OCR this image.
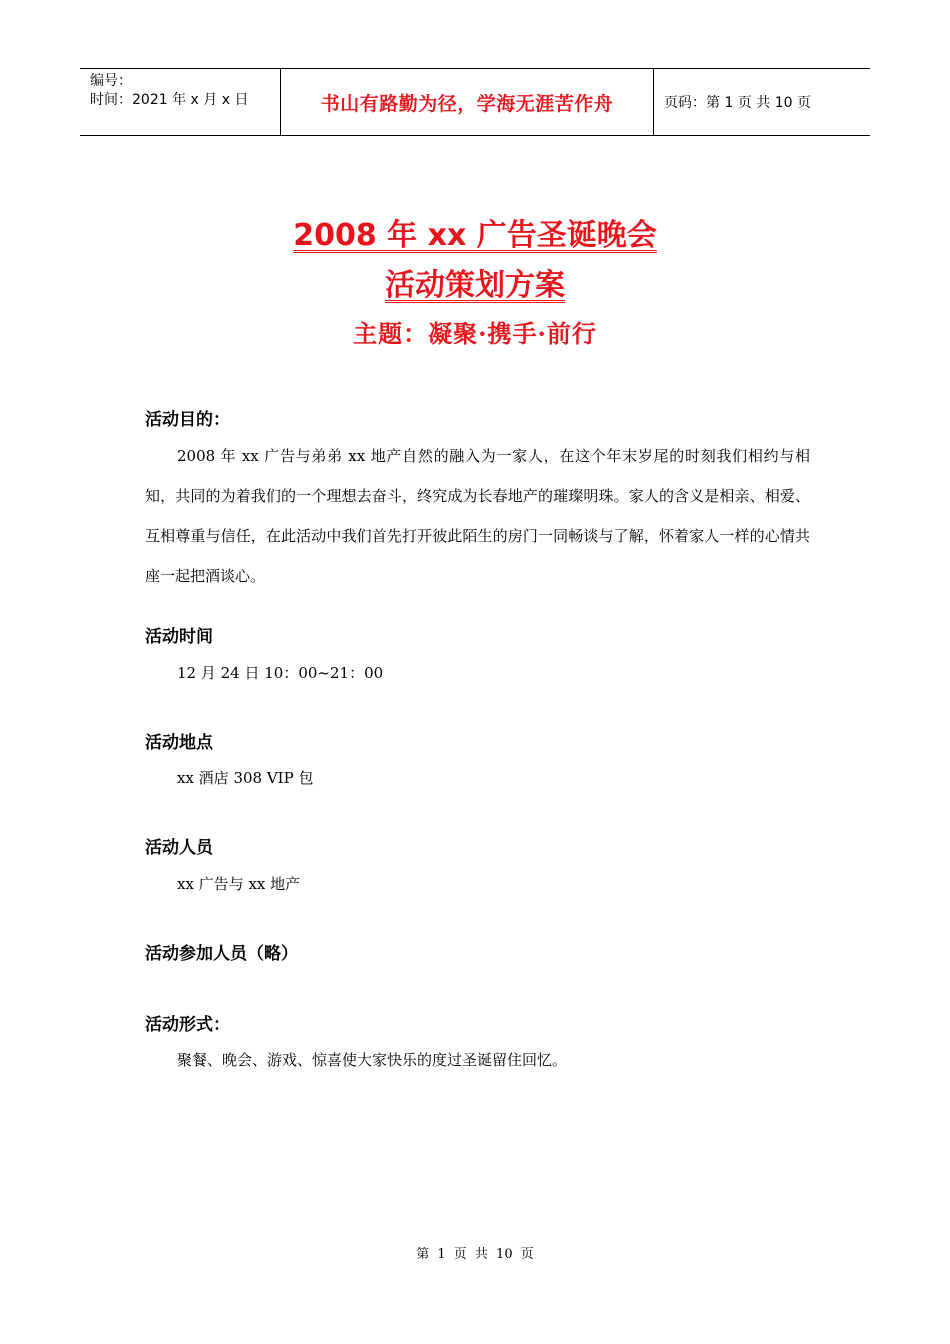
编号：
时间：2021 年 x 月 x 日	书山有路勤为径，学海无涯苦作舟	页码：第 1 页 共 10 页
2008 年 xx 广告圣诞晚会
活动策划方案
主题：凝聚·携手·前行
活动目的：
2008 年 xx 广告与弟弟 xx 地产自然的融入为一家人，在这个年末岁尾的时刻我们相约与相知，共同的为着我们的一个理想去奋斗，终究成为长春地产的璀璨明珠。家人的含义是相亲、相爱、互相尊重与信任，在此活动中我们首先打开彼此陌生的房门一同畅谈与了解，怀着家人一样的心情共座一起把酒谈心。
活动时间
12 月 24 日 10：00~21：00
活动地点
xx 酒店 308 VIP 包
活动人员
xx 广告与 xx 地产
活动参加人员（略）
活动形式：
聚餐、晚会、游戏、惊喜使大家快乐的度过圣诞留住回忆。
第 1 页 共 10 页
